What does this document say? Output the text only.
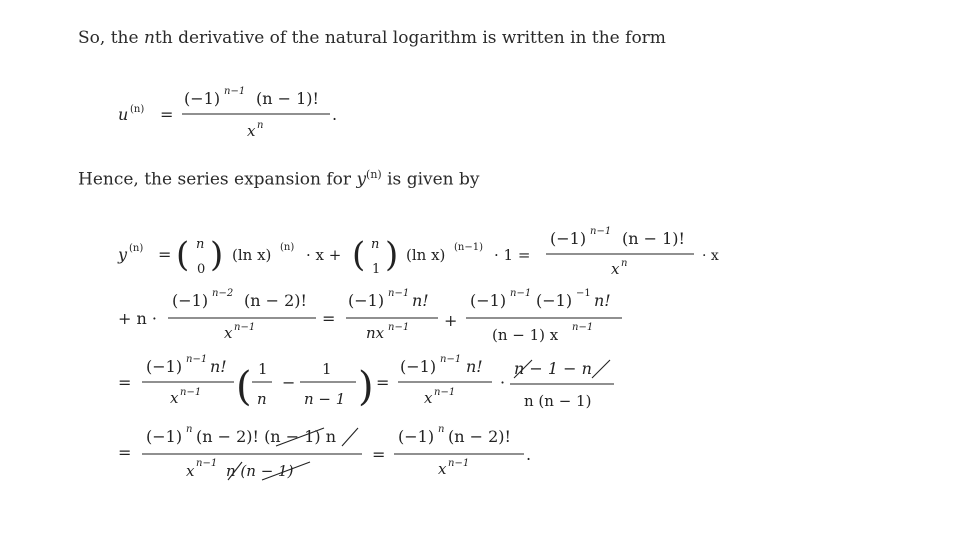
So, the nth derivative of the natural logarithm is written in the form
Hence, the series expansion for $y^{(n)}$ is given by
u (n) =
(−1) n−1 (n − 1)!
x n
.
y (n) = ( n
0 ) (ln x) (n) · x + ( n
1 ) (ln x) (n−1) · 1 =
(−1) n−1 (n − 1)!
x n	· x
+ n ·
(−1) n−2 (n − 2)!
x n−1	=
(−1) n−1 n!
nx n−1 +
(−1) n−1 (−1) −1 n!
(n − 1) x n−1
=
(−1) n−1 n!
x n−1 ( 1
n
−
1
n − 1 ) =
(−1) n−1 n!
x n−1
·
n − 1 − n
n (n − 1)
=
(−1) n (n − 2)! (n − 1) n
x n−1 n (n − 1)
=
(−1) n (n − 2)!
x n−1	.
